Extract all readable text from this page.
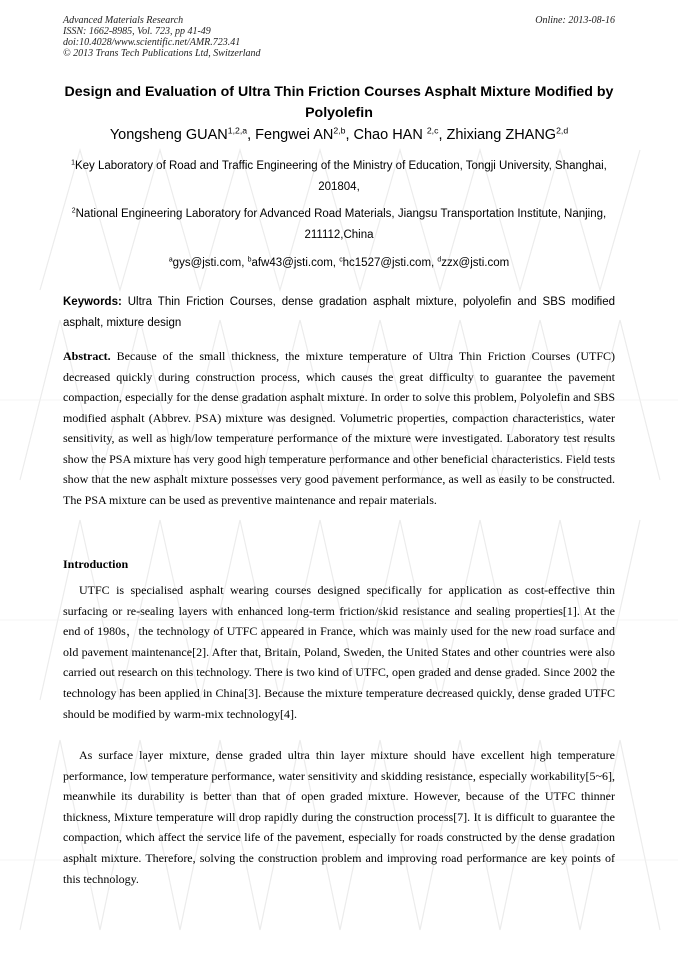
Advanced Materials Research
ISSN: 1662-8985, Vol. 723, pp 41-49
doi:10.4028/www.scientific.net/AMR.723.41
© 2013 Trans Tech Publications Ltd, Switzerland
Online: 2013-08-16
Design and Evaluation of Ultra Thin Friction Courses Asphalt Mixture Modified by Polyolefin
Yongsheng GUAN$^{1,2,a}$, Fengwei AN$^{2,b}$, Chao HAN $^{2,c}$, Zhixiang ZHANG$^{2,d}$
$^1$Key Laboratory of Road and Traffic Engineering of the Ministry of Education, Tongji University, Shanghai, 201804,
$^2$National Engineering Laboratory for Advanced Road Materials, Jiangsu Transportation Institute, Nanjing, 211112,China
$^a$gys@jsti.com, $^b$afw43@jsti.com, $^c$hc1527@jsti.com, $^d$zzx@jsti.com
Keywords: Ultra Thin Friction Courses, dense gradation asphalt mixture, polyolefin and SBS modified asphalt, mixture design
Abstract. Because of the small thickness, the mixture temperature of Ultra Thin Friction Courses (UTFC) decreased quickly during construction process, which causes the great difficulty to guarantee the pavement compaction, especially for the dense gradation asphalt mixture. In order to solve this problem, Polyolefin and SBS modified asphalt (Abbrev. PSA) mixture was designed. Volumetric properties, compaction characteristics, water sensitivity, as well as high/low temperature performance of the mixture were investigated. Laboratory test results show the PSA mixture has very good high temperature performance and other beneficial characteristics. Field tests show that the new asphalt mixture possesses very good pavement performance, as well as easily to be constructed. The PSA mixture can be used as preventive maintenance and repair materials.
Introduction

UTFC is specialised asphalt wearing courses designed specifically for application as cost-effective thin surfacing or re-sealing layers with enhanced long-term friction/skid resistance and sealing properties[1]. At the end of 1980s，the technology of UTFC appeared in France, which was mainly used for the new road surface and old pavement maintenance[2]. After that, Britain, Poland, Sweden, the United States and other countries were also carried out research on this technology. There is two kind of UTFC, open graded and dense graded. Since 2002 the technology has been applied in China[3]. Because the mixture temperature decreased quickly, dense graded UTFC should be modified by warm-mix technology[4].

As surface layer mixture, dense graded ultra thin layer mixture should have excellent high temperature performance, low temperature performance, water sensitivity and skidding resistance, especially workability[5~6], meanwhile its durability is better than that of open graded mixture. However, because of the UTFC thinner thickness, Mixture temperature will drop rapidly during the construction process[7]. It is difficult to guarantee the compaction, which affect the service life of the pavement, especially for roads constructed by the dense gradation asphalt mixture. Therefore, solving the construction problem and improving road performance are key points of this technology.
